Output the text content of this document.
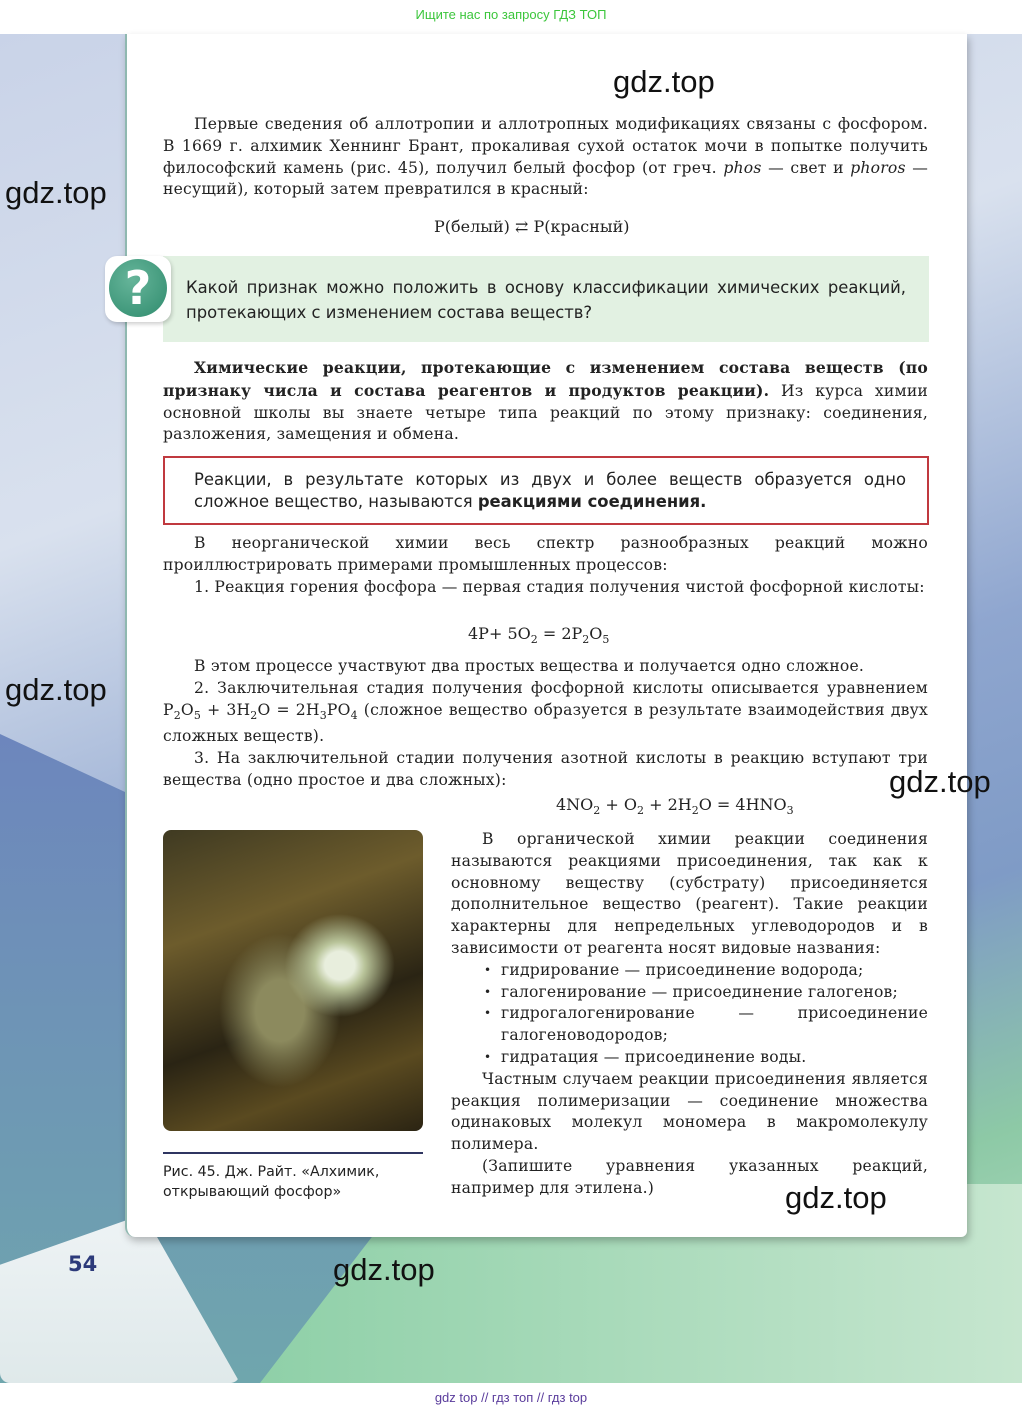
Ищите нас по запросу ГДЗ ТОП

Первые сведения об аллотропии и аллотропных модификациях связаны с фосфором. В 1669 г. алхимик Хеннинг Брант, прокаливая сухой остаток мочи в попытке получить философский камень (рис. 45), получил белый фосфор (от греч. phos — свет и phoros — несущий), который затем превратился в красный:

P(белый) ⇄ P(красный)
?	Какой признак можно положить в основу классификации химических реакций, протекающих с изменением состава веществ?

Химические реакции, протекающие с изменением состава веществ (по признаку числа и состава реагентов и продуктов реакции). Из курса химии основной школы вы знаете четыре типа реакций по этому признаку: соединения, разложения, замещения и обмена.

Реакции, в результате которых из двух и более веществ образуется одно сложное вещество, называются реакциями соединения.

В неорганической химии весь спектр разнообразных реакций можно проиллюстрировать примерами промышленных процессов:

1. Реакция горения фосфора — первая стадия получения чистой фосфорной кислоты:

$4P+ 5O_2 = 2P_2O_5$

В этом процессе участвуют два простых вещества и получается одно сложное.

2. Заключительная стадия получения фосфорной кислоты описывается уравнением $P_2O_5 + 3H_2O = 2H_3PO_4$ (сложное вещество образуется в результате взаимодействия двух сложных веществ).

3. На заключительной стадии получения азотной кислоты в реакцию вступают три вещества (одно простое и два сложных):

$4NO_2 + O_2 + 2H_2O = 4HNO_3$
Рис. 45. Дж. Райт. «Алхимик, открывающий фосфор»

В органической химии реакции соединения называются реакциями присоединения, так как к основному веществу (субстрату) присоединяется дополнительное вещество (реагент). Такие реакции характерны для непредельных углеводородов и в зависимости от реагента носят видовые названия:

• гидрирование — присоединение водорода;
• галогенирование — присоединение галогенов;
• гидрогалогенирование — присоединение галогеноводородов;
• гидратация — присоединение воды.

Частным случаем реакции присоединения является реакция полимеризации — соединение множества одинаковых молекул мономера в макромолекулу полимера.

(Запишите уравнения указанных реакций, например для этилена.)

gdz.top
gdz.top
gdz.top
gdz.top
gdz.top
gdz.top
54
gdz top // гдз топ // гдз top
